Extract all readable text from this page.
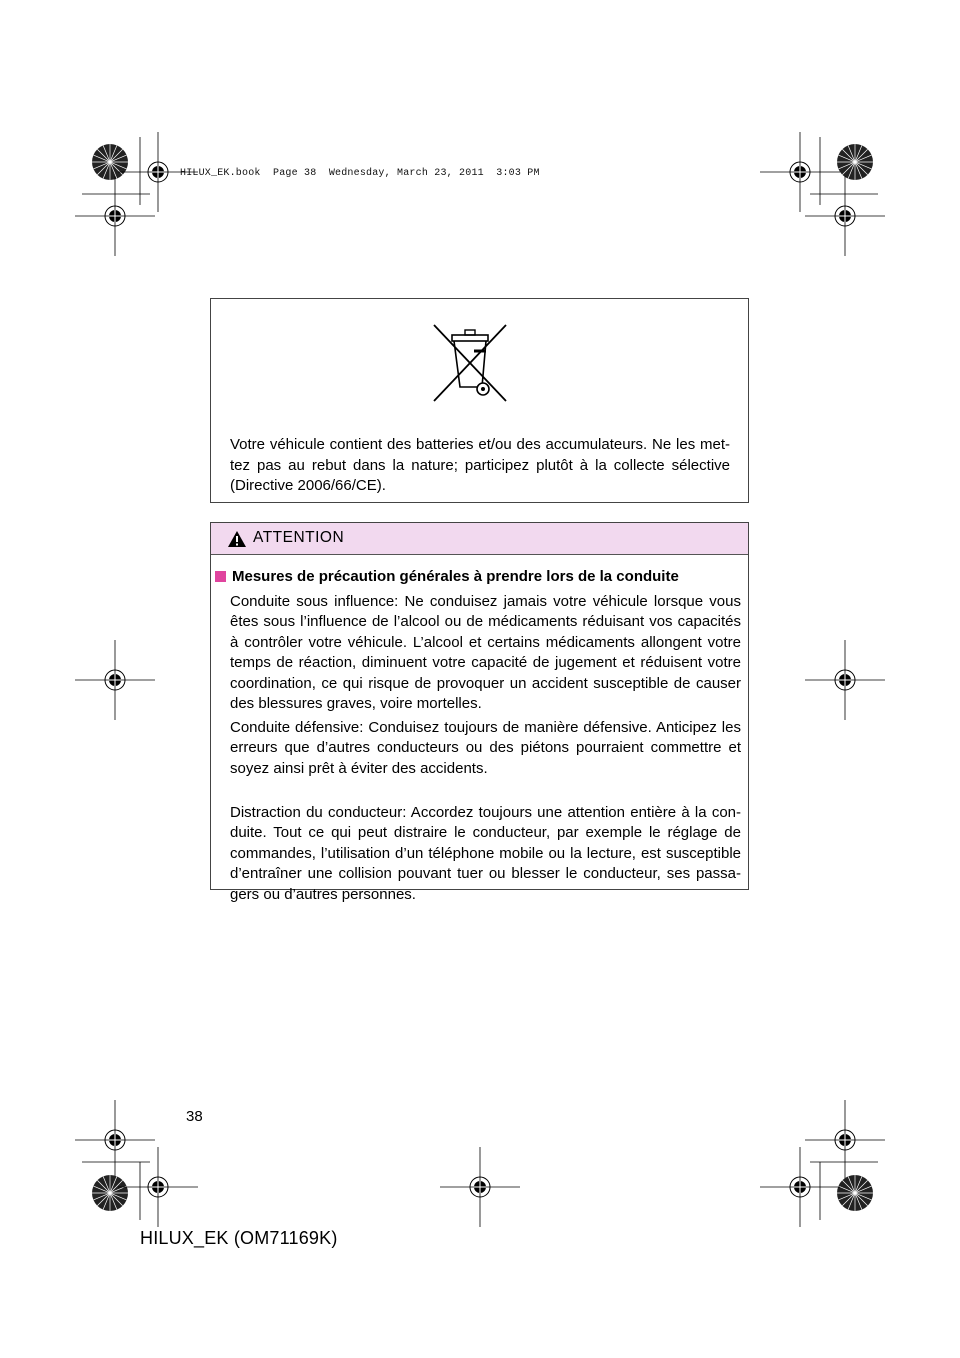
HILUX_EK.book  Page 38  Wednesday, March 23, 2011  3:03 PM
Votre véhicule contient des batteries et/ou des accumulateurs. Ne les met-tez pas au rebut dans la nature; participez plutôt à la collecte sélective (Directive 2006/66/CE).
ATTENTION
Mesures de précaution générales à prendre lors de la conduite
Conduite sous influence: Ne conduisez jamais votre véhicule lorsque vous êtes sous l’influence de l’alcool ou de médicaments réduisant vos capacités à contrôler votre véhicule. L’alcool et certains médicaments allongent votre temps de réaction, diminuent votre capacité de jugement et réduisent votre coordination, ce qui risque de provoquer un accident susceptible de causer des blessures graves, voire mortelles.
Conduite défensive: Conduisez toujours de manière défensive. Anticipez les erreurs que d’autres conducteurs ou des piétons pourraient commettre et soyez ainsi prêt à éviter des accidents.
Distraction du conducteur: Accordez toujours une attention entière à la con-duite. Tout ce qui peut distraire le conducteur, par exemple le réglage de commandes, l’utilisation d’un téléphone mobile ou la lecture, est susceptible d’entraîner une collision pouvant tuer ou blesser le conducteur, ses passa-gers ou d’autres personnes.
38
HILUX_EK (OM71169K)
